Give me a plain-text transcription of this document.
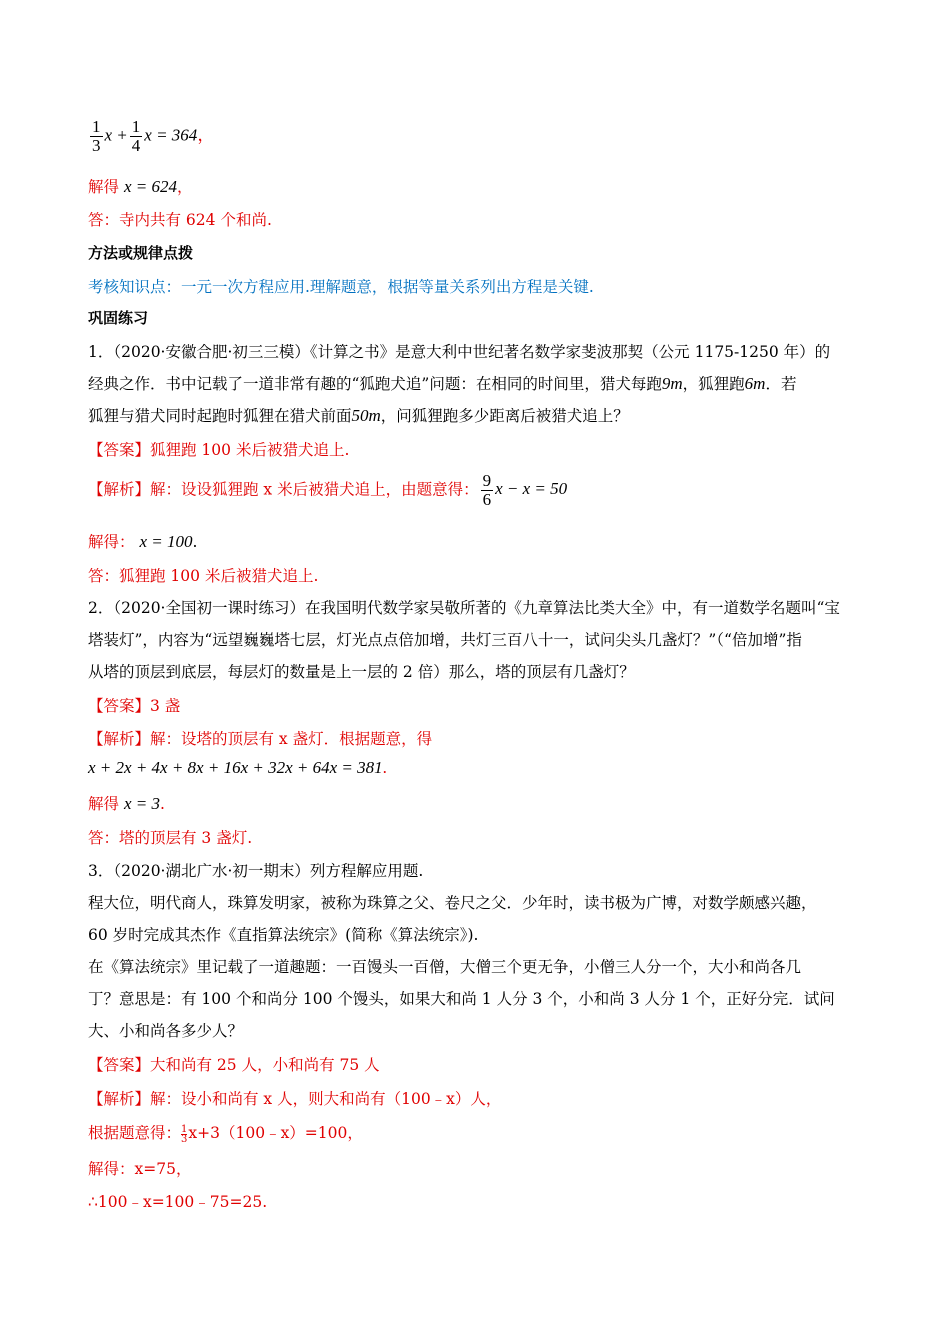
$\frac{1}{3}$ $x + \frac{1}{4}$ x = 364，
解得 x = 624，
答：寺内共有 624 个和尚.
方法或规律点拨
考核知识点：一元一次方程应用.理解题意，根据等量关系列出方程是关键.
巩固练习
1．（2020·安徽合肥·初三三模）《计算之书》是意大利中世纪著名数学家斐波那契（公元 1175-1250 年）的
经典之作．书中记载了一道非常有趣的“狐跑犬追”问题：在相同的时间里，猎犬每跑9m，狐狸跑6m．若
狐狸与猎犬同时起跑时狐狸在猎犬前面50m，问狐狸跑多少距离后被猎犬追上？
【答案】狐狸跑 100 米后被猎犬追上.
【解析】解：设设狐狸跑 x 米后被猎犬追上，由题意得： $\frac{9}{6}$ x − x = 50
解得： x = 100.
答：狐狸跑 100 米后被猎犬追上.
2．（2020·全国初一课时练习）在我国明代数学家吴敬所著的《九章算法比类大全》中，有一道数学名题叫“宝
塔装灯”，内容为“远望巍巍塔七层，灯光点点倍加增，共灯三百八十一，试问尖头几盏灯？”（“倍加增”指
从塔的顶层到底层，每层灯的数量是上一层的 2 倍）那么，塔的顶层有几盏灯？
【答案】3 盏
【解析】解：设塔的顶层有 x 盏灯．根据题意，得
x + 2x + 4x + 8x + 16x + 32x + 64x = 381.
解得 x = 3.
答：塔的顶层有 3 盏灯.
3．（2020·湖北广水·初一期末）列方程解应用题.
程大位，明代商人，珠算发明家，被称为珠算之父、卷尺之父．少年时，读书极为广博，对数学颇感兴趣，
60 岁时完成其杰作《直指算法统宗》(简称《算法统宗》).
在《算法统宗》里记载了一道趣题：一百馒头一百僧，大僧三个更无争，小僧三人分一个，大小和尚各几
丁？意思是：有 100 个和尚分 100 个馒头，如果大和尚 1 人分 3 个，小和尚 3 人分 1 个，正好分完．试问
大、小和尚各多少人？
【答案】大和尚有 25 人，小和尚有 75 人
【解析】解：设小和尚有 x 人，则大和尚有（100﹣x）人，
根据题意得： $\frac{1}{3}$ x+3（100﹣x）=100，
解得：x=75，
∴100﹣x=100﹣75=25.
